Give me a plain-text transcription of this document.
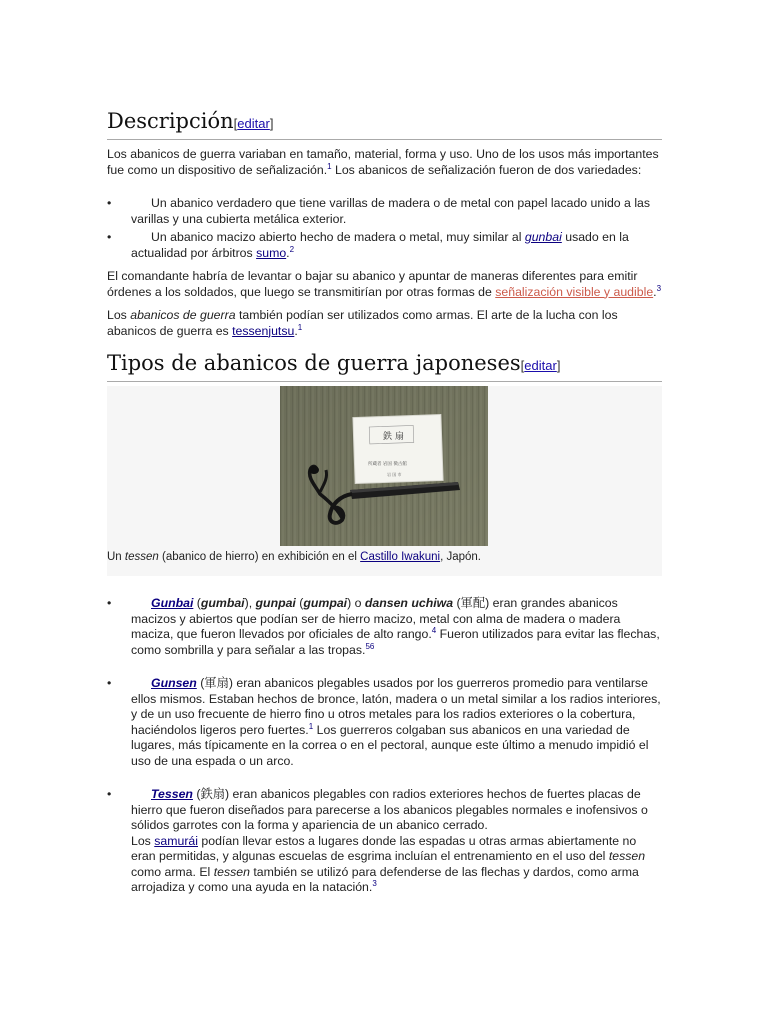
Descripción[editar]

Los abanicos de guerra variaban en tamaño, material, forma y uso. Uno de los usos más importantes fue como un dispositivo de señalización.$^1$ Los abanicos de señalización fueron de dos variedades:

•	Un abanico verdadero que tiene varillas de madera o de metal con papel lacado unido a las varillas y una cubierta metálica exterior.
•	Un abanico macizo abierto hecho de madera o metal, muy similar al gunbai usado en la actualidad por árbitros sumo.$^2$

El comandante habría de levantar o bajar su abanico y apuntar de maneras diferentes para emitir órdenes a los soldados, que luego se transmitirían por otras formas de señalización visible y audible.$^3$

Los abanicos de guerra también podían ser utilizados como armas. El arte de la lucha con los abanicos de guerra es tessenjutsu.$^1$

Tipos de abanicos de guerra japoneses[editar]
鉄 扇
所蔵者 岩国 徴古館
岩 国 市
Un tessen (abanico de hierro) en exhibición en el Castillo Iwakuni, Japón.
•	Gunbai (gumbai), gunpai (gumpai) o dansen uchiwa (軍配) eran grandes abanicos macizos y abiertos que podían ser de hierro macizo, metal con alma de madera o madera maciza, que fueron llevados por oficiales de alto rango.$^4$ Fueron utilizados para evitar las flechas, como sombrilla y para señalar a las tropas.$^{56}$
•	Gunsen (軍扇) eran abanicos plegables usados por los guerreros promedio para ventilarse ellos mismos. Estaban hechos de bronce, latón, madera o un metal similar a los radios interiores, y de un uso frecuente de hierro fino u otros metales para los radios exteriores o la cobertura, haciéndolos ligeros pero fuertes.$^1$ Los guerreros colgaban sus abanicos en una variedad de lugares, más típicamente en la correa o en el pectoral, aunque este último a menudo impidió el uso de una espada o un arco.
•	Tessen (鉄扇) eran abanicos plegables con radios exteriores hechos de fuertes placas de hierro que fueron diseñados para parecerse a los abanicos plegables normales e inofensivos o sólidos garrotes con la forma y apariencia de un abanico cerrado.
Los samurái podían llevar estos a lugares donde las espadas u otras armas abiertamente no eran permitidas, y algunas escuelas de esgrima incluían el entrenamiento en el uso del tessen como arma. El tessen también se utilizó para defenderse de las flechas y dardos, como arma arrojadiza y como una ayuda en la natación.$^3$
